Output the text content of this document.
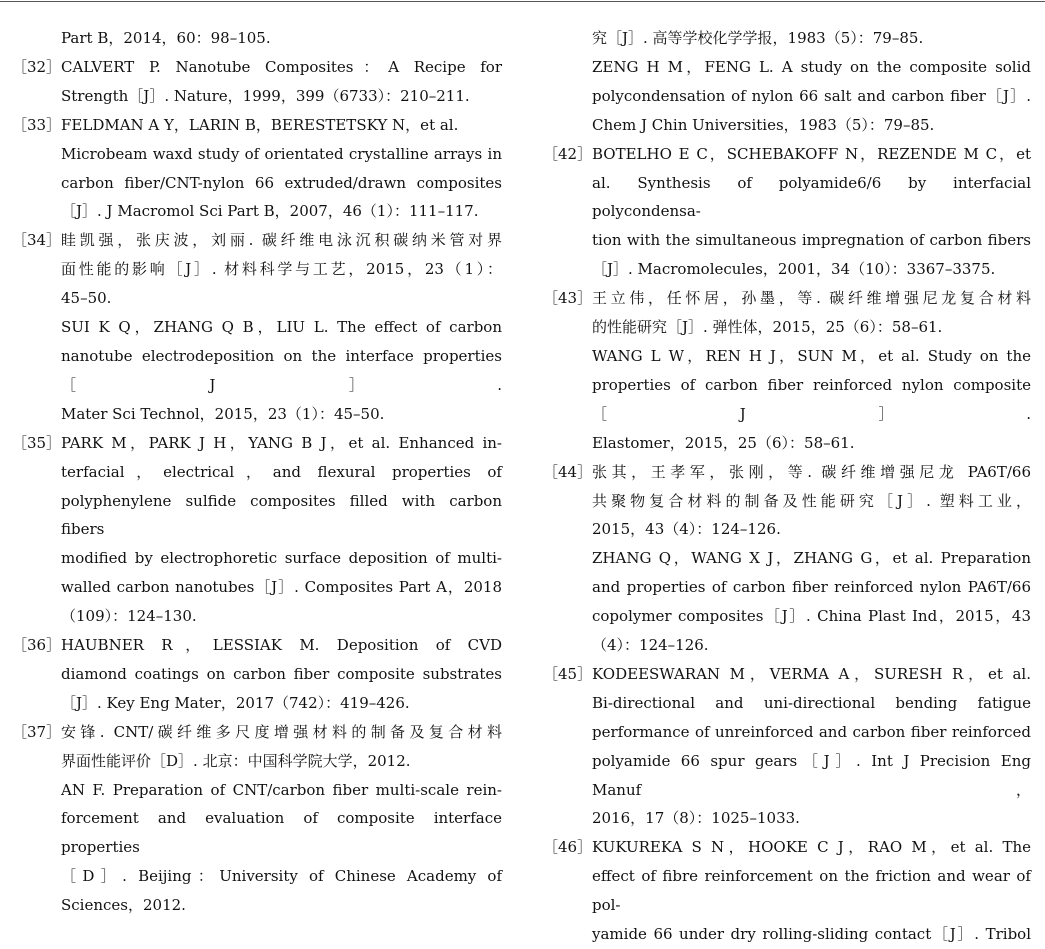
Part B，2014，60：98–105.
［32］ CALVERT P. Nanotube Composites：A Recipe for
Strength［J］. Nature，1999，399（6733）：210–211.
［33］ FELDMAN A Y，LARIN B，BERESTETSKY N，et al.
Microbeam waxd study of orientated crystalline arrays in
carbon fiber/CNT-nylon 66 extruded/drawn composites
［J］. J Macromol Sci Part B，2007，46（1）：111–117.
［34］ 眭凯强，张庆波，刘丽. 碳纤维电泳沉积碳纳米管对界
面性能的影响［J］. 材料科学与工艺，2015，23（1）：
45–50.
SUI K Q，ZHANG Q B，LIU L. The effect of carbon
nanotube electrodeposition on the interface properties［J］.
Mater Sci Technol，2015，23（1）：45–50.
［35］ PARK M，PARK J H，YANG B J，et al. Enhanced in-
terfacial，electrical，and flexural properties of
polyphenylene sulfide composites filled with carbon fibers
modified by electrophoretic surface deposition of multi-
walled carbon nanotubes［J］. Composites Part A，2018
（109）：124–130.
［36］ HAUBNER R，LESSIAK M. Deposition of CVD
diamond coatings on carbon fiber composite substrates
［J］. Key Eng Mater，2017（742）：419–426.
［37］ 安锋. CNT/碳纤维多尺度增强材料的制备及复合材料
界面性能评价［D］. 北京：中国科学院大学，2012.
AN F. Preparation of CNT/carbon fiber multi-scale rein-
forcement and evaluation of composite interface properties
［D］. Beijing：University of Chinese Academy of
Sciences，2012.
究［J］. 高等学校化学学报，1983（5）：79–85.
ZENG H M，FENG L. A study on the composite solid
polycondensation of nylon 66 salt and carbon fiber［J］.
Chem J Chin Universities，1983（5）：79–85.
［42］ BOTELHO E C，SCHEBAKOFF N，REZENDE M C，et
al. Synthesis of polyamide6/6 by interfacial polycondensa-
tion with the simultaneous impregnation of carbon fibers
［J］. Macromolecules，2001，34（10）：3367–3375.
［43］ 王立伟，任怀居，孙墨，等. 碳纤维增强尼龙复合材料
的性能研究［J］. 弹性体，2015，25（6）：58–61.
WANG L W，REN H J，SUN M，et al. Study on the
properties of carbon fiber reinforced nylon composite［J］.
Elastomer，2015，25（6）：58–61.
［44］ 张其，王孝军，张刚，等. 碳纤维增强尼龙 PA6T/66
共聚物复合材料的制备及性能研究［J］. 塑料工业，
2015，43（4）：124–126.
ZHANG Q，WANG X J，ZHANG G，et al. Preparation
and properties of carbon fiber reinforced nylon PA6T/66
copolymer composites［J］. China Plast Ind，2015，43
（4）：124–126.
［45］ KODEESWARAN M，VERMA A，SURESH R，et al.
Bi-directional and uni-directional bending fatigue
performance of unreinforced and carbon fiber reinforced
polyamide 66 spur gears［J］. Int J Precision Eng Manuf，
2016，17（8）：1025–1033.
［46］ KUKUREKA S N，HOOKE C J，RAO M，et al. The
effect of fibre reinforcement on the friction and wear of pol-
yamide 66 under dry rolling-sliding contact［J］. Tribol
